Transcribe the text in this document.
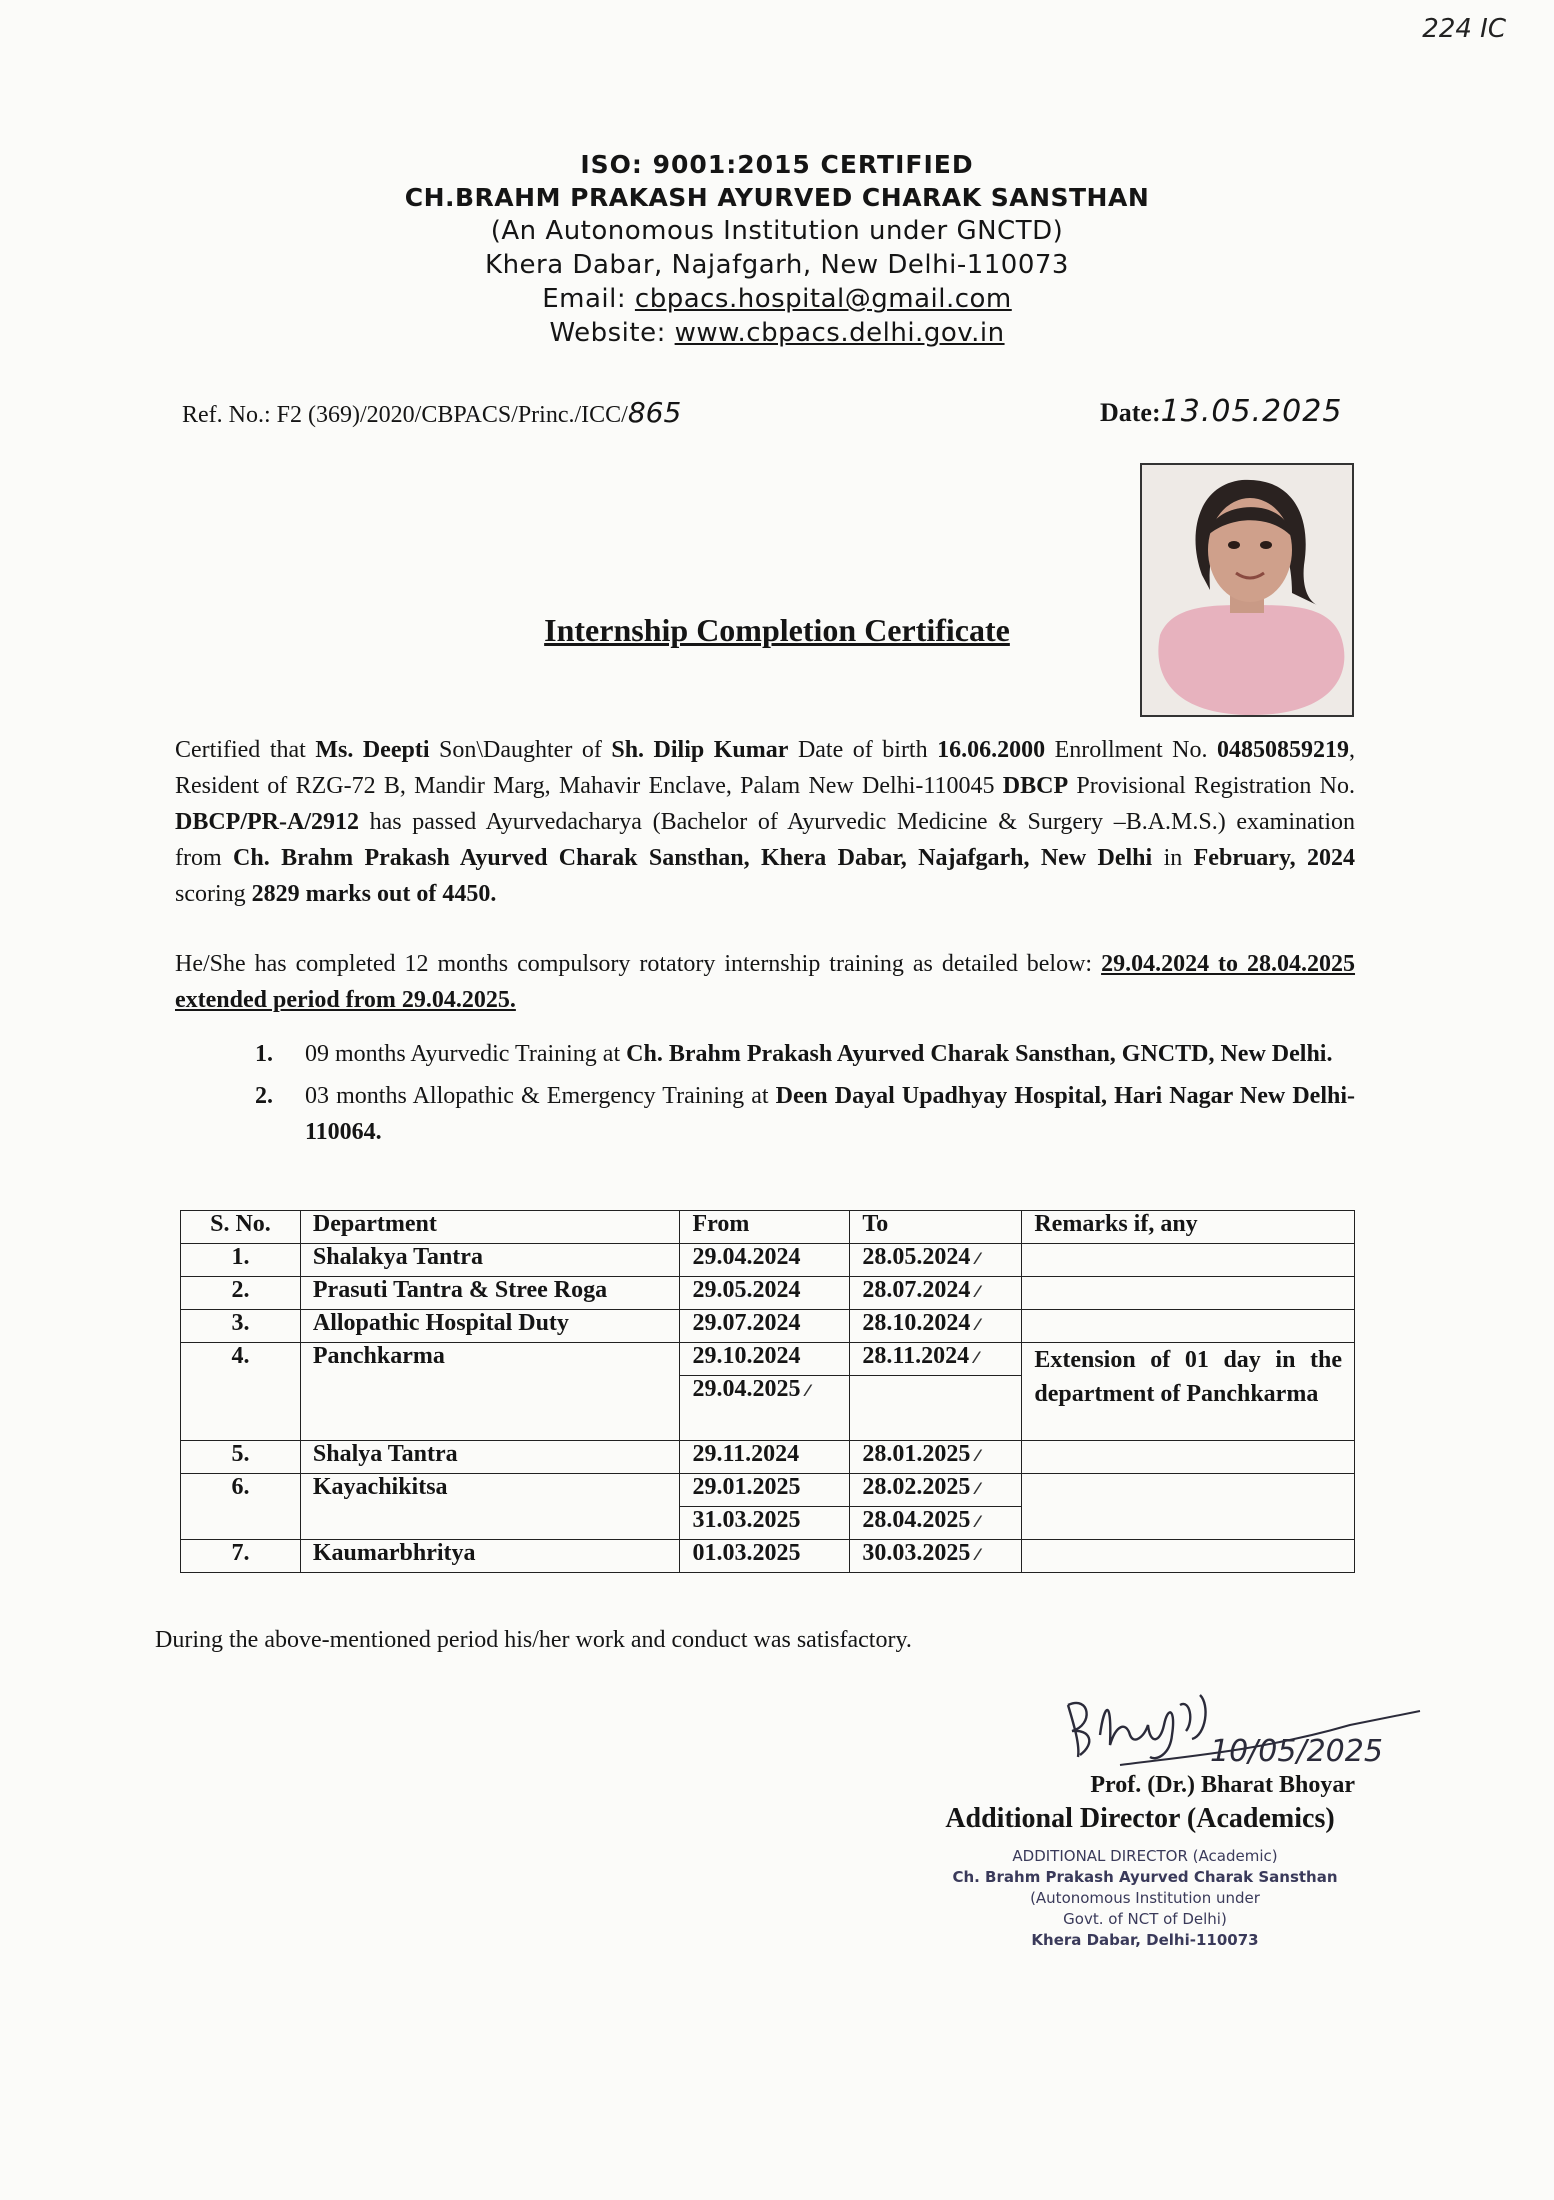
224 IC
ISO: 9001:2015 CERTIFIED
CH.BRAHM PRAKASH AYURVED CHARAK SANSTHAN
(An Autonomous Institution under GNCTD)
Khera Dabar, Najafgarh, New Delhi-110073
Email: cbpacs.hospital@gmail.com
Website: www.cbpacs.delhi.gov.in
Ref. No.: F2 (369)/2020/CBPACS/Princ./ICC/865	Date:13.05.2025
Internship Completion Certificate
Certified that Ms. Deepti Son\Daughter of Sh. Dilip Kumar Date of birth 16.06.2000 Enrollment No. 04850859219, Resident of RZG-72 B, Mandir Marg, Mahavir Enclave, Palam New Delhi-110045 DBCP Provisional Registration No. DBCP/PR-A/2912 has passed Ayurvedacharya (Bachelor of Ayurvedic Medicine & Surgery –B.A.M.S.) examination from Ch. Brahm Prakash Ayurved Charak Sansthan, Khera Dabar, Najafgarh, New Delhi in February, 2024 scoring 2829 marks out of 4450.
He/She has completed 12 months compulsory rotatory internship training as detailed below: 29.04.2024 to 28.04.2025 extended period from 29.04.2025.
1. 09 months Ayurvedic Training at Ch. Brahm Prakash Ayurved Charak Sansthan, GNCTD, New Delhi.
2. 03 months Allopathic & Emergency Training at Deen Dayal Upadhyay Hospital, Hari Nagar New Delhi-110064.
S. No.	Department	From	To	Remarks if, any
1.	Shalakya Tantra	29.04.2024	28.05.2024 ⁄	
2.	Prasuti Tantra & Stree Roga	29.05.2024	28.07.2024 ⁄	
3.	Allopathic Hospital Duty	29.07.2024	28.10.2024 ⁄	
4.	Panchkarma	29.10.2024	28.11.2024 ⁄	Extension of 01 day in the department of Panchkarma
		29.04.2025 ⁄		
5.	Shalya Tantra	29.11.2024	28.01.2025 ⁄	
6.	Kayachikitsa	29.01.2025	28.02.2025 ⁄	
		31.03.2025	28.04.2025 ⁄	
7.	Kaumarbhritya	01.03.2025	30.03.2025 ⁄	
During the above-mentioned period his/her work and conduct was satisfactory.
10/05/2025
Prof. (Dr.) Bharat Bhoyar
Additional Director (Academics)
ADDITIONAL DIRECTOR (Academic)
Ch. Brahm Prakash Ayurved Charak Sansthan
(Autonomous Institution under
Govt. of NCT of Delhi)
Khera Dabar, Delhi-110073
